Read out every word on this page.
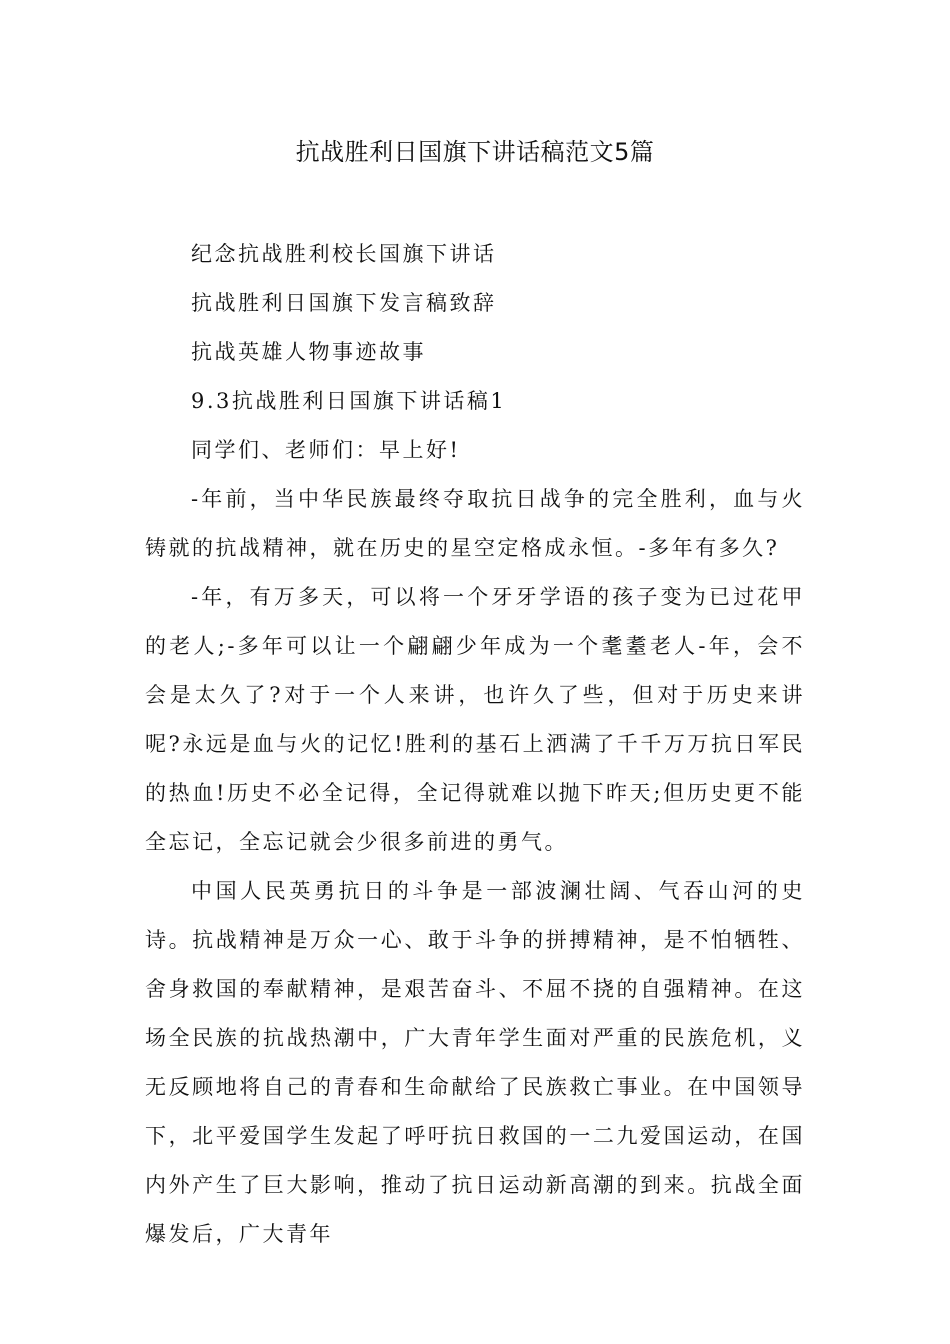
抗战胜利日国旗下讲话稿范文5篇

纪念抗战胜利校长国旗下讲话

抗战胜利日国旗下发言稿致辞

抗战英雄人物事迹故事

9.3抗战胜利日国旗下讲话稿1

同学们、老师们：早上好!

-年前，当中华民族最终夺取抗日战争的完全胜利，血与火铸就的抗战精神，就在历史的星空定格成永恒。-多年有多久?

-年，有万多天，可以将一个牙牙学语的孩子变为已过花甲的老人;-多年可以让一个翩翩少年成为一个耄耋老人-年，会不会是太久了?对于一个人来讲，也许久了些，但对于历史来讲呢?永远是血与火的记忆!胜利的基石上洒满了千千万万抗日军民的热血!历史不必全记得，全记得就难以抛下昨天;但历史更不能全忘记，全忘记就会少很多前进的勇气。

中国人民英勇抗日的斗争是一部波澜壮阔、气吞山河的史诗。抗战精神是万众一心、敢于斗争的拼搏精神，是不怕牺牲、舍身救国的奉献精神，是艰苦奋斗、不屈不挠的自强精神。在这场全民族的抗战热潮中，广大青年学生面对严重的民族危机，义无反顾地将自己的青春和生命献给了民族救亡事业。在中国领导下，北平爱国学生发起了呼吁抗日救国的一二九爱国运动，在国内外产生了巨大影响，推动了抗日运动新高潮的到来。抗战全面爆发后，广大青年
